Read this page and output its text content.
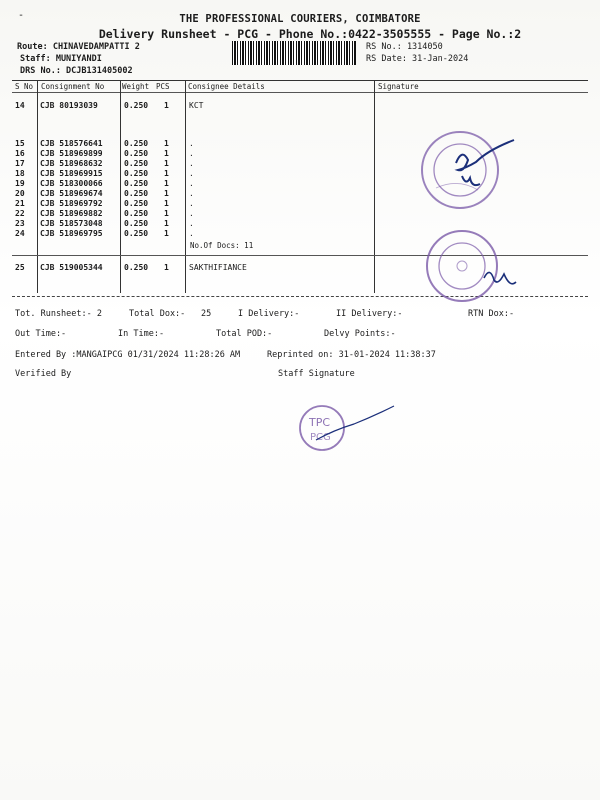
-	THE PROFESSIONAL COURIERS, COIMBATORE
Delivery Runsheet - PCG - Phone No.:0422-3505555 - Page No.:2
Route: CHINAVEDAMPATTI 2
Staff: MUNIYANDI
DRS No.: DCJB131405002
RS No.: 1314050
RS Date: 31-Jan-2024
S No Consignment No Weight PCS Consignee Details	Signature
14 CJB 80193039	0.250 1	KCT
15 CJB 518576641	0.250 1	.
16 CJB 518969899	0.250 1	.
17 CJB 518968632	0.250 1	.
18 CJB 518969915	0.250 1	.
19 CJB 518300066	0.250 1	.
20 CJB 518969674	0.250 1	.
21 CJB 518969792	0.250 1	.
22 CJB 518969882	0.250 1	.
23 CJB 518573048	0.250 1	.
24 CJB 518969795	0.250 1	.
No.Of Docs: 11
25 CJB 519005344	0.250 1	SAKTHIFIANCE
Tot. Runsheet:- 2	Total Dox:- 25	I Delivery:-	II Delivery:-	RTN Dox:-
Out Time:-	In Time:-	Total POD:-	Delvy Points:-
Entered By :MANGAIPCG 01/31/2024 11:28:26 AM	Reprinted on: 31-01-2024 11:38:37
Verified By	Staff Signature
TPC
PCG
